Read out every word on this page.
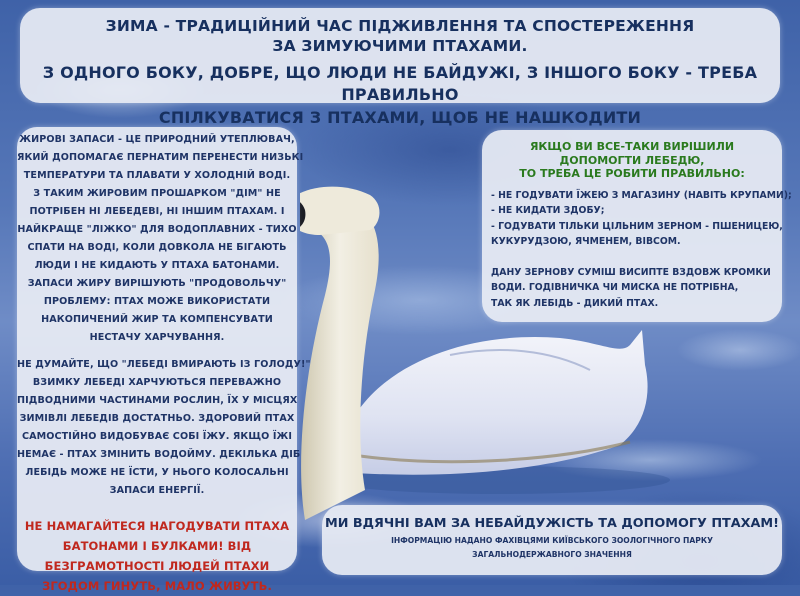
ЗИМА - ТРАДИЦІЙНИЙ ЧАС ПІДЖИВЛЕННЯ ТА СПОСТЕРЕЖЕННЯ
ЗА ЗИМУЮЧИМИ ПТАХАМИ.
З ОДНОГО БОКУ, ДОБРЕ, ЩО ЛЮДИ НЕ БАЙДУЖІ, З ІНШОГО БОКУ - ТРЕБА ПРАВИЛЬНО
СПІЛКУВАТИСЯ З ПТАХАМИ, ЩОБ НЕ НАШКОДИТИ
ЖИРОВІ ЗАПАСИ - ЦЕ ПРИРОДНИЙ УТЕПЛЮВАЧ,
ЯКИЙ ДОПОМАГАЄ ПЕРНАТИМ ПЕРЕНЕСТИ НИЗЬКІ
ТЕМПЕРАТУРИ ТА ПЛАВАТИ У ХОЛОДНІЙ ВОДІ.
З ТАКИМ ЖИРОВИМ ПРОШАРКОМ "ДІМ" НЕ
ПОТРІБЕН НІ ЛЕБЕДЕВІ, НІ ІНШИМ ПТАХАМ. І
НАЙКРАЩЕ "ЛІЖКО" ДЛЯ ВОДОПЛАВНИХ - ТИХО
СПАТИ НА ВОДІ, КОЛИ ДОВКОЛА НЕ БІГАЮТЬ
ЛЮДИ І НЕ КИДАЮТЬ У ПТАХА БАТОНАМИ.
ЗАПАСИ ЖИРУ ВИРІШУЮТЬ "ПРОДОВОЛЬЧУ"
ПРОБЛЕМУ: ПТАХ МОЖЕ ВИКОРИСТАТИ
НАКОПИЧЕНИЙ ЖИР ТА КОМПЕНСУВАТИ
НЕСТАЧУ ХАРЧУВАННЯ.
НЕ ДУМАЙТЕ, ЩО "ЛЕБЕДІ ВМИРАЮТЬ ІЗ ГОЛОДУ!"
ВЗИМКУ ЛЕБЕДІ ХАРЧУЮТЬСЯ ПЕРЕВАЖНО
ПІДВОДНИМИ ЧАСТИНАМИ РОСЛИН, ЇХ У МІСЦЯХ
ЗИМІВЛІ ЛЕБЕДІВ ДОСТАТНЬО. ЗДОРОВИЙ ПТАХ
САМОСТІЙНО ВИДОБУВАЄ СОБІ ЇЖУ. ЯКЩО ЇЖІ
НЕМАЄ - ПТАХ ЗМІНИТЬ ВОДОЙМУ. ДЕКІЛЬКА ДІБ
ЛЕБІДЬ МОЖЕ НЕ ЇСТИ, У НЬОГО КОЛОСАЛЬНІ
ЗАПАСИ ЕНЕРГІЇ.
НЕ НАМАГАЙТЕСЯ НАГОДУВАТИ ПТАХА
БАТОНАМИ І БУЛКАМИ! ВІД
БЕЗГРАМОТНОСТІ ЛЮДЕЙ ПТАХИ
ЗГОДОМ ГИНУТЬ, МАЛО ЖИВУТЬ.
ЯКЩО ВИ ВСЕ-ТАКИ ВИРІШИЛИ
ДОПОМОГТИ ЛЕБЕДЮ,
ТО ТРЕБА ЦЕ РОБИТИ ПРАВИЛЬНО:
- НЕ ГОДУВАТИ ЇЖЕЮ З МАГАЗИНУ (НАВІТЬ КРУПАМИ);
- НЕ КИДАТИ ЗДОБУ;
- ГОДУВАТИ ТІЛЬКИ ЦІЛЬНИМ ЗЕРНОМ - ПШЕНИЦЕЮ,
КУКУРУДЗОЮ, ЯЧМЕНЕМ, ВІВСОМ.
ДАНУ ЗЕРНОВУ СУМІШ ВИСИПТЕ ВЗДОВЖ КРОМКИ
ВОДИ. ГОДІВНИЧКА ЧИ МИСКА НЕ ПОТРІБНА,
ТАК ЯК ЛЕБІДЬ - ДИКИЙ ПТАХ.
МИ ВДЯЧНІ ВАМ ЗА НЕБАЙДУЖІСТЬ ТА ДОПОМОГУ ПТАХАМ!
ІНФОРМАЦІЮ НАДАНО ФАХІВЦЯМИ КИЇВСЬКОГО ЗООЛОГІЧНОГО ПАРКУ
ЗАГАЛЬНОДЕРЖАВНОГО ЗНАЧЕННЯ
